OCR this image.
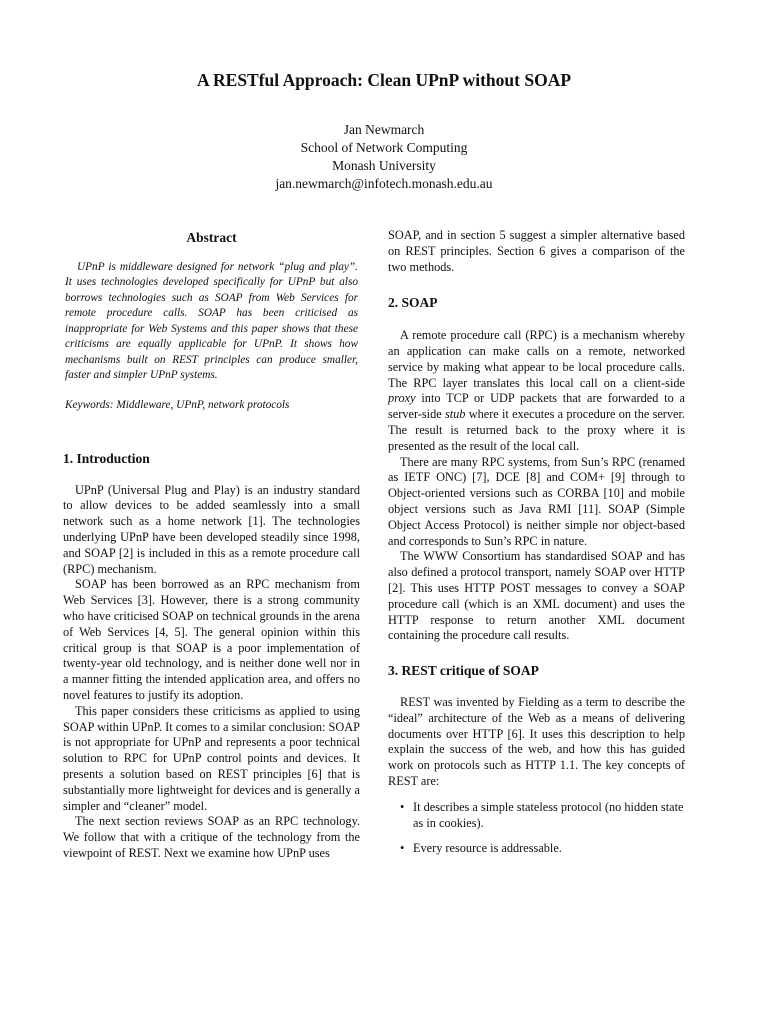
A RESTful Approach: Clean UPnP without SOAP
Jan Newmarch
School of Network Computing
Monash University
jan.newmarch@infotech.monash.edu.au
Abstract

UPnP is middleware designed for network “plug and play”. It uses technologies developed specifically for UPnP but also borrows technologies such as SOAP from Web Services for remote procedure calls. SOAP has been criticised as inappropriate for Web Systems and this paper shows that these criticisms are equally applicable for UPnP. It shows how mechanisms built on REST principles can produce smaller, faster and simpler UPnP systems.

Keywords: Middleware, UPnP, network protocols

1. Introduction

UPnP (Universal Plug and Play) is an industry standard to allow devices to be added seamlessly into a small network such as a home network [1]. The technologies underlying UPnP have been developed steadily since 1998, and SOAP [2] is included in this as a remote procedure call (RPC) mechanism.

SOAP has been borrowed as an RPC mechanism from Web Services [3]. However, there is a strong community who have criticised SOAP on technical grounds in the arena of Web Services [4, 5]. The general opinion within this critical group is that SOAP is a poor implementation of twenty-year old technology, and is neither done well nor in a manner fitting the intended application area, and offers no novel features to justify its adoption.

This paper considers these criticisms as applied to using SOAP within UPnP. It comes to a similar conclusion: SOAP is not appropriate for UPnP and represents a poor technical solution to RPC for UPnP control points and devices. It presents a solution based on REST principles [6] that is substantially more lightweight for devices and is generally a simpler and “cleaner” model.

The next section reviews SOAP as an RPC technology. We follow that with a critique of the technology from the viewpoint of REST. Next we examine how UPnP uses

SOAP, and in section 5 suggest a simpler alternative based on REST principles. Section 6 gives a comparison of the two methods.

2. SOAP

A remote procedure call (RPC) is a mechanism whereby an application can make calls on a remote, networked service by making what appear to be local procedure calls. The RPC layer translates this local call on a client-side proxy into TCP or UDP packets that are forwarded to a server-side stub where it executes a procedure on the server. The result is returned back to the proxy where it is presented as the result of the local call.

There are many RPC systems, from Sun’s RPC (renamed as IETF ONC) [7], DCE [8] and COM+ [9] through to Object-oriented versions such as CORBA [10] and mobile object versions such as Java RMI [11]. SOAP (Simple Object Access Protocol) is neither simple nor object-based and corresponds to Sun’s RPC in nature.

The WWW Consortium has standardised SOAP and has also defined a protocol transport, namely SOAP over HTTP [2]. This uses HTTP POST messages to convey a SOAP procedure call (which is an XML document) and uses the HTTP response to return another XML document containing the procedure call results.

3. REST critique of SOAP

REST was invented by Fielding as a term to describe the “ideal” architecture of the Web as a means of delivering documents over HTTP [6]. It uses this description to help explain the success of the web, and how this has guided work on protocols such as HTTP 1.1. The key concepts of REST are:

• It describes a simple stateless protocol (no hidden state as in cookies).
• Every resource is addressable.
